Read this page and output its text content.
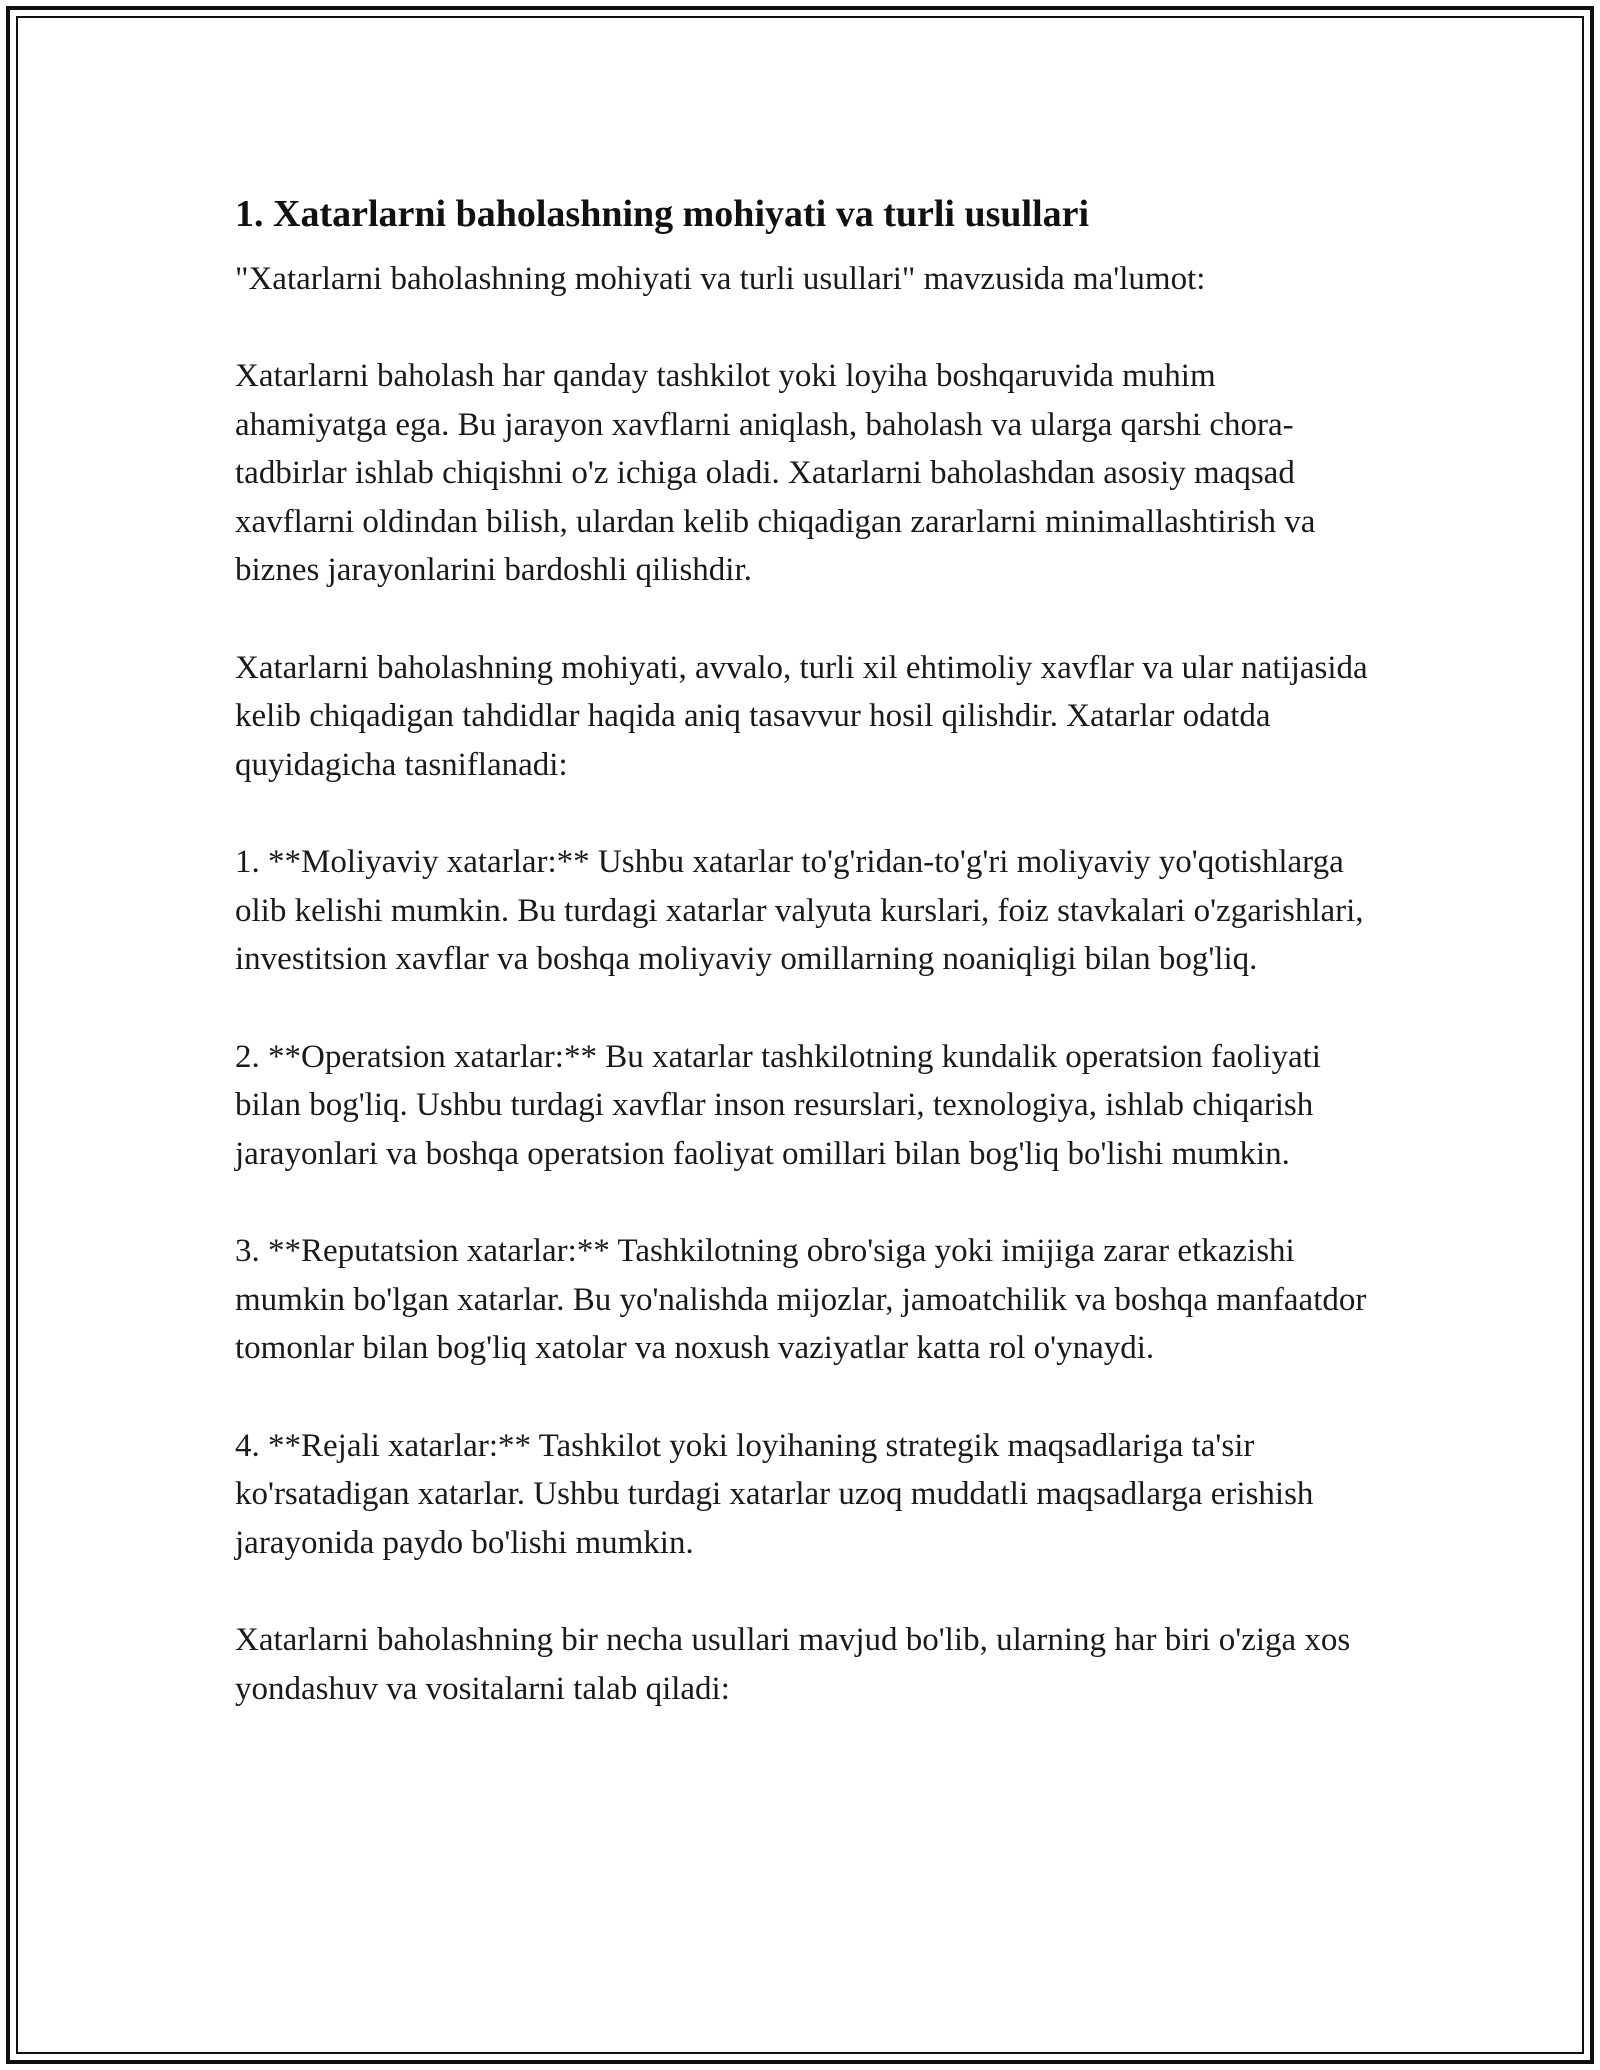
1. Xatarlarni baholashning mohiyati va turli usullari

"Xatarlarni baholashning mohiyati va turli usullari" mavzusida ma'lumot:

Xatarlarni baholash har qanday tashkilot yoki loyiha boshqaruvida muhim ahamiyatga ega. Bu jarayon xavflarni aniqlash, baholash va ularga qarshi chora-tadbirlar ishlab chiqishni o'z ichiga oladi. Xatarlarni baholashdan asosiy maqsad xavflarni oldindan bilish, ulardan kelib chiqadigan zararlarni minimallashtirish va biznes jarayonlarini bardoshli qilishdir.

Xatarlarni baholashning mohiyati, avvalo, turli xil ehtimoliy xavflar va ular natijasida kelib chiqadigan tahdidlar haqida aniq tasavvur hosil qilishdir. Xatarlar odatda quyidagicha tasniflanadi:

1. **Moliyaviy xatarlar:** Ushbu xatarlar to'g'ridan-to'g'ri moliyaviy yo'qotishlarga olib kelishi mumkin. Bu turdagi xatarlar valyuta kurslari, foiz stavkalari o'zgarishlari, investitsion xavflar va boshqa moliyaviy omillarning noaniqligi bilan bog'liq.

2. **Operatsion xatarlar:** Bu xatarlar tashkilotning kundalik operatsion faoliyati bilan bog'liq. Ushbu turdagi xavflar inson resurslari, texnologiya, ishlab chiqarish jarayonlari va boshqa operatsion faoliyat omillari bilan bog'liq bo'lishi mumkin.

3. **Reputatsion xatarlar:** Tashkilotning obro'siga yoki imijiga zarar etkazishi mumkin bo'lgan xatarlar. Bu yo'nalishda mijozlar, jamoatchilik va boshqa manfaatdor tomonlar bilan bog'liq xatolar va noxush vaziyatlar katta rol o'ynaydi.

4. **Rejali xatarlar:** Tashkilot yoki loyihaning strategik maqsadlariga ta'sir ko'rsatadigan xatarlar. Ushbu turdagi xatarlar uzoq muddatli maqsadlarga erishish jarayonida paydo bo'lishi mumkin.

Xatarlarni baholashning bir necha usullari mavjud bo'lib, ularning har biri o'ziga xos yondashuv va vositalarni talab qiladi:
